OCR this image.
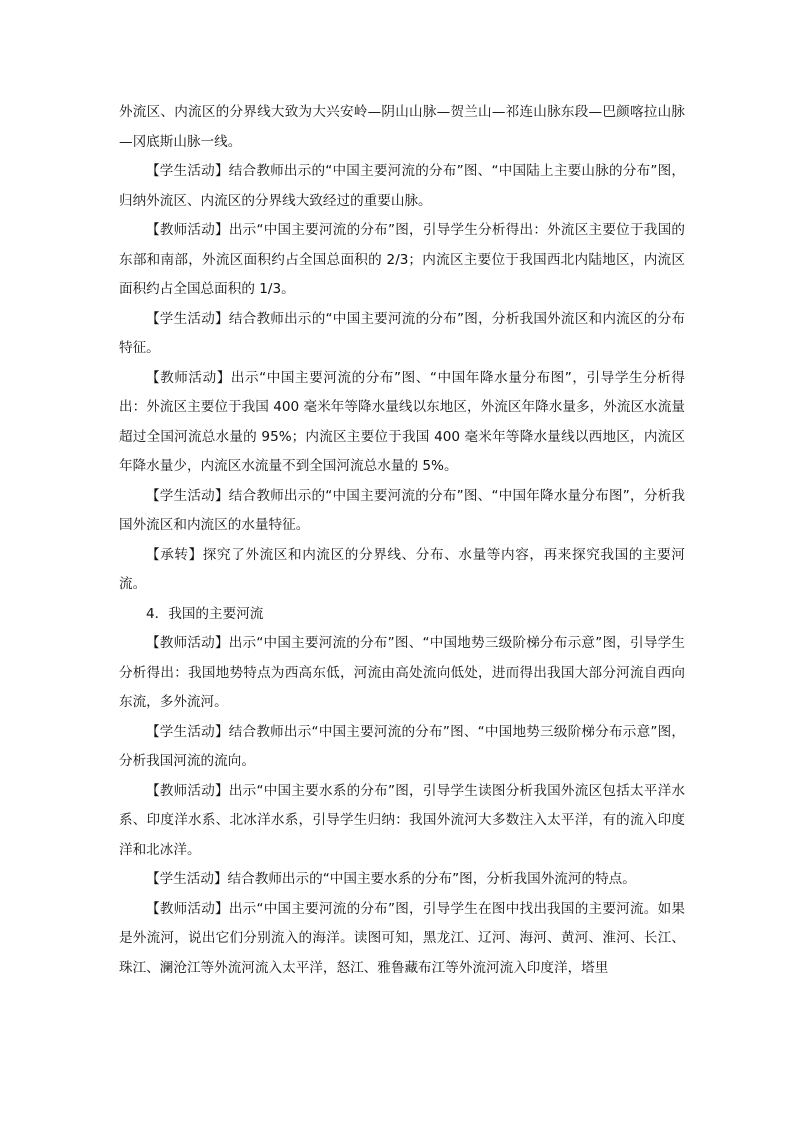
外流区、内流区的分界线大致为大兴安岭—阴山山脉—贺兰山—祁连山脉东段—巴颜喀拉山脉—冈底斯山脉一线。

【学生活动】结合教师出示的“中国主要河流的分布”图、“中国陆上主要山脉的分布”图，归纳外流区、内流区的分界线大致经过的重要山脉。

【教师活动】出示“中国主要河流的分布”图，引导学生分析得出：外流区主要位于我国的东部和南部，外流区面积约占全国总面积的 2/3；内流区主要位于我国西北内陆地区，内流区面积约占全国总面积的 1/3。

【学生活动】结合教师出示的“中国主要河流的分布”图，分析我国外流区和内流区的分布特征。

【教师活动】出示“中国主要河流的分布”图、“中国年降水量分布图”，引导学生分析得出：外流区主要位于我国 400 毫米年等降水量线以东地区，外流区年降水量多，外流区水流量超过全国河流总水量的 95%；内流区主要位于我国 400 毫米年等降水量线以西地区，内流区年降水量少，内流区水流量不到全国河流总水量的 5%。

【学生活动】结合教师出示的“中国主要河流的分布”图、“中国年降水量分布图”，分析我国外流区和内流区的水量特征。

【承转】探究了外流区和内流区的分界线、分布、水量等内容，再来探究我国的主要河流。

4．我国的主要河流

【教师活动】出示“中国主要河流的分布”图、“中国地势三级阶梯分布示意”图，引导学生分析得出：我国地势特点为西高东低，河流由高处流向低处，进而得出我国大部分河流自西向东流，多外流河。

【学生活动】结合教师出示“中国主要河流的分布”图、“中国地势三级阶梯分布示意”图，分析我国河流的流向。

【教师活动】出示“中国主要水系的分布”图，引导学生读图分析我国外流区包括太平洋水系、印度洋水系、北冰洋水系，引导学生归纳：我国外流河大多数注入太平洋，有的流入印度洋和北冰洋。

【学生活动】结合教师出示的“中国主要水系的分布”图，分析我国外流河的特点。

【教师活动】出示“中国主要河流的分布”图，引导学生在图中找出我国的主要河流。如果是外流河，说出它们分别流入的海洋。读图可知，黑龙江、辽河、海河、黄河、淮河、长江、珠江、澜沧江等外流河流入太平洋，怒江、雅鲁藏布江等外流河流入印度洋，塔里
